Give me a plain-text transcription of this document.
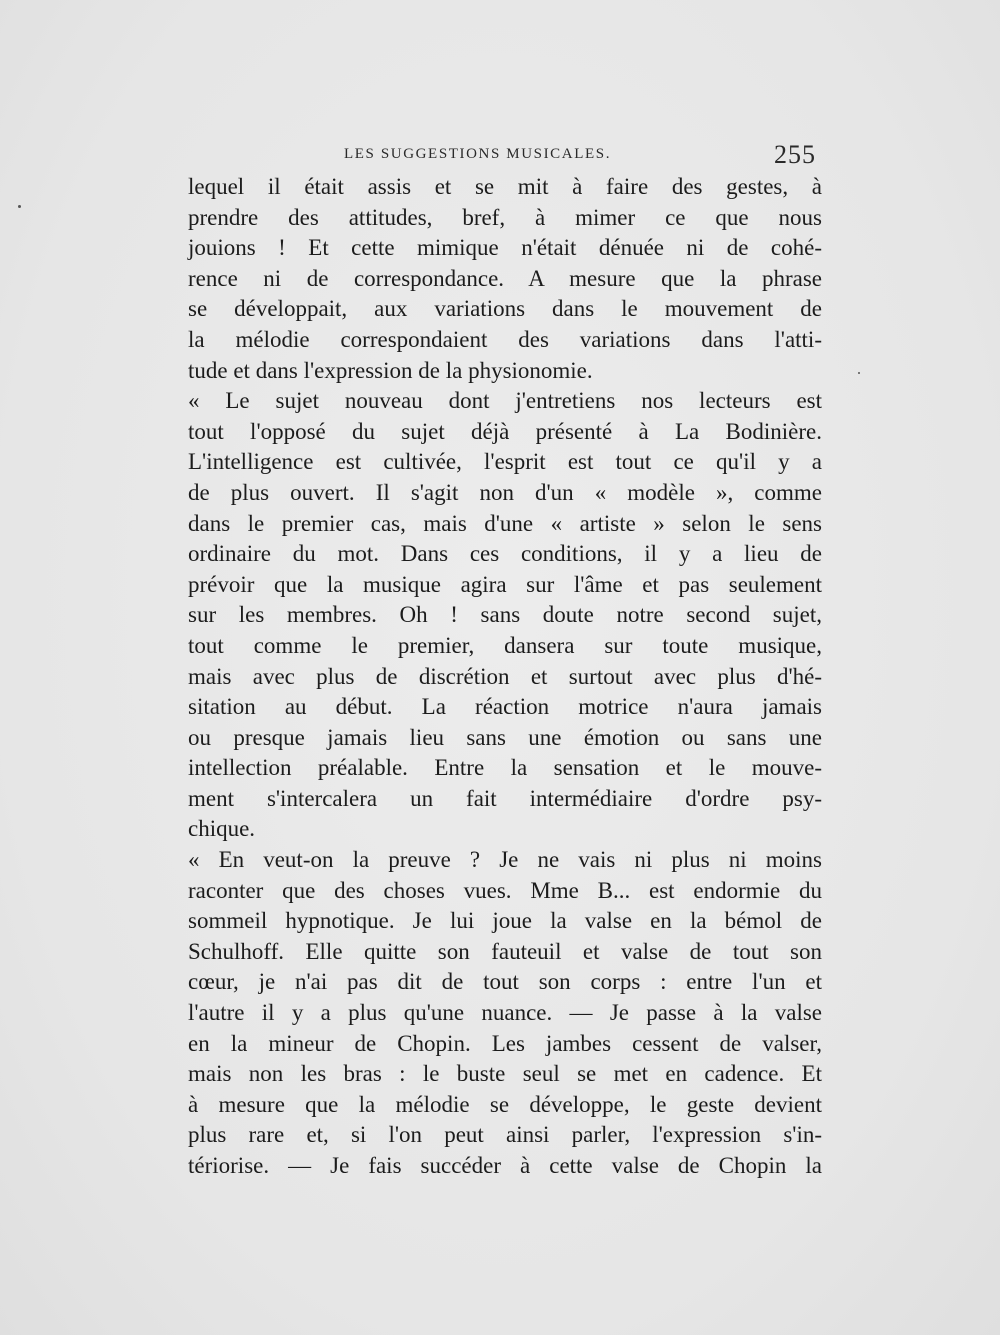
LES SUGGESTIONS MUSICALES.	255
lequel il était assis et se mit à faire des gestes, à
prendre des attitudes, bref, à mimer ce que nous
jouions ! Et cette mimique n'était dénuée ni de cohé-
rence ni de correspondance. A mesure que la phrase
se développait, aux variations dans le mouvement de
la mélodie correspondaient des variations dans l'atti-
tude et dans l'expression de la physionomie.
« Le sujet nouveau dont j'entretiens nos lecteurs est
tout l'opposé du sujet déjà présenté à La Bodinière.
L'intelligence est cultivée, l'esprit est tout ce qu'il y a
de plus ouvert. Il s'agit non d'un « modèle », comme
dans le premier cas, mais d'une « artiste » selon le sens
ordinaire du mot. Dans ces conditions, il y a lieu de
prévoir que la musique agira sur l'âme et pas seulement
sur les membres. Oh ! sans doute notre second sujet,
tout comme le premier, dansera sur toute musique,
mais avec plus de discrétion et surtout avec plus d'hé-
sitation au début. La réaction motrice n'aura jamais
ou presque jamais lieu sans une émotion ou sans une
intellection préalable. Entre la sensation et le mouve-
ment s'intercalera un fait intermédiaire d'ordre psy-
chique.
« En veut-on la preuve ? Je ne vais ni plus ni moins
raconter que des choses vues. Mme B... est endormie du
sommeil hypnotique. Je lui joue la valse en la bémol de
Schulhoff. Elle quitte son fauteuil et valse de tout son
cœur, je n'ai pas dit de tout son corps : entre l'un et
l'autre il y a plus qu'une nuance. — Je passe à la valse
en la mineur de Chopin. Les jambes cessent de valser,
mais non les bras : le buste seul se met en cadence. Et
à mesure que la mélodie se développe, le geste devient
plus rare et, si l'on peut ainsi parler, l'expression s'in-
tériorise. — Je fais succéder à cette valse de Chopin la
